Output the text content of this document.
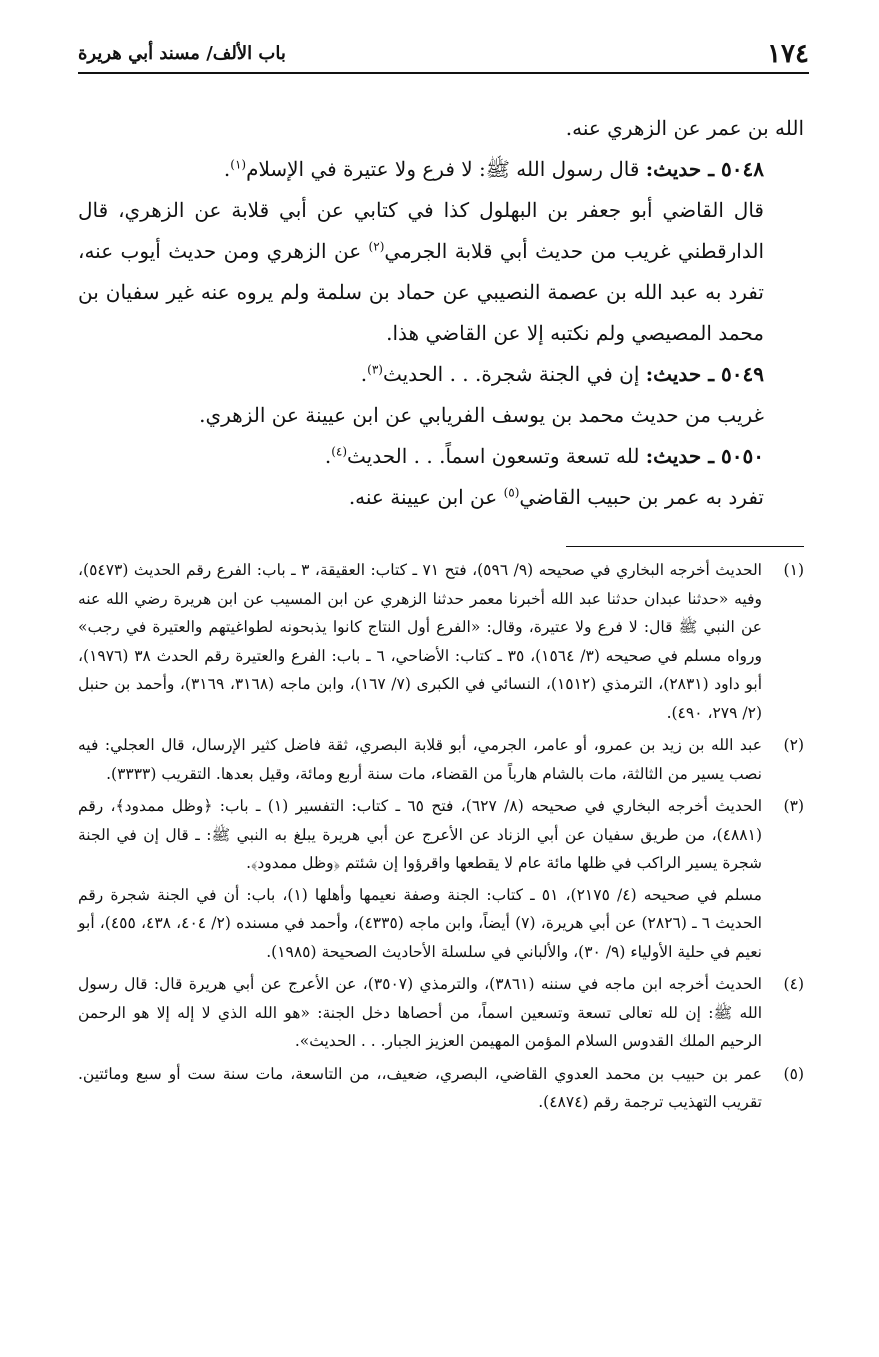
١٧٤
باب الألف/ مسند أبي هريرة

الله بن عمر عن الزهري عنه.

٥٠٤٨ ـ حديث: قال رسول الله ﷺ: لا فرع ولا عتيرة في الإسلام$^{(١)}$.

قال القاضي أبو جعفر بن البهلول كذا في كتابي عن أبي قلابة عن الزهري، قال الدارقطني غريب من حديث أبي قلابة الجرمي$^{(٢)}$ عن الزهري ومن حديث أيوب عنه، تفرد به عبد الله بن عصمة النصيبي عن حماد بن سلمة ولم يروه عنه غير سفيان بن محمد المصيصي ولم نكتبه إلا عن القاضي هذا.

٥٠٤٩ ـ حديث: إن في الجنة شجرة. . . الحديث$^{(٣)}$.

غريب من حديث محمد بن يوسف الفريابي عن ابن عيينة عن الزهري.

٥٠٥٠ ـ حديث: لله تسعة وتسعون اسماً. . . الحديث$^{(٤)}$.

تفرد به عمر بن حبيب القاضي$^{(٥)}$ عن ابن عيينة عنه.

(١)

الحديث أخرجه البخاري في صحيحه (٩/ ٥٩٦)، فتح ٧١ ـ كتاب: العقيقة، ٣ ـ باب: الفرع رقم الحديث (٥٤٧٣)، وفيه «حدثنا عبدان حدثنا عبد الله أخبرنا معمر حدثنا الزهري عن ابن المسيب عن ابن هريرة رضي الله عنه عن النبي ﷺ قال: لا فرع ولا عتيرة، وقال: «الفرع أول النتاج كانوا يذبحونه لطواغيتهم والعتيرة في رجب» ورواه مسلم في صحيحه (٣/ ١٥٦٤)، ٣٥ ـ كتاب: الأضاحي، ٦ ـ باب: الفرع والعتيرة رقم الحدث ٣٨ (١٩٧٦)، أبو داود (٢٨٣١)، الترمذي (١٥١٢)، النسائي في الكبرى (٧/ ١٦٧)، وابن ماجه (٣١٦٨، ٣١٦٩)، وأحمد بن حنبل (٢/ ٢٧٩، ٤٩٠).

(٢)

عبد الله بن زيد بن عمرو، أو عامر، الجرمي، أبو قلابة البصري، ثقة فاضل كثير الإرسال، قال العجلي: فيه نصب يسير من الثالثة، مات بالشام هارباً من القضاء، مات سنة أربع ومائة، وقيل بعدها. التقريب (٣٣٣٣).

(٣)

الحديث أخرجه البخاري في صحيحه (٨/ ٦٢٧)، فتح ٦٥ ـ كتاب: التفسير (١) ـ باب: ﴿وظل ممدود﴾، رقم (٤٨٨١)، من طريق سفيان عن أبي الزناد عن الأعرج عن أبي هريرة يبلغ به النبي ﷺ: ـ قال إن في الجنة شجرة يسير الراكب في ظلها مائة عام لا يقطعها واقرؤوا إن شئتم ﴿وظل ممدود﴾.

مسلم في صحيحه (٤/ ٢١٧٥)، ٥١ ـ كتاب: الجنة وصفة نعيمها وأهلها (١)، باب: أن في الجنة شجرة رقم الحديث ٦ ـ (٢٨٢٦) عن أبي هريرة، (٧) أيضاً، وابن ماجه (٤٣٣٥)، وأحمد في مسنده (٢/ ٤٠٤، ٤٣٨، ٤٥٥)، أبو نعيم في حلية الأولياء (٩/ ٣٠)، والألباني في سلسلة الأحاديث الصحيحة (١٩٨٥).

(٤)

الحديث أخرجه ابن ماجه في سننه (٣٨٦١)، والترمذي (٣٥٠٧)، عن الأعرج عن أبي هريرة قال: قال رسول الله ﷺ: إن لله تعالى تسعة وتسعين اسماً، من أحصاها دخل الجنة: «هو الله الذي لا إله إلا هو الرحمن الرحيم الملك القدوس السلام المؤمن المهيمن العزيز الجبار. . . الحديث».

(٥)

عمر بن حبيب بن محمد العدوي القاضي، البصري، ضعيف،، من التاسعة، مات سنة ست أو سبع ومائتين. تقريب التهذيب ترجمة رقم (٤٨٧٤).
